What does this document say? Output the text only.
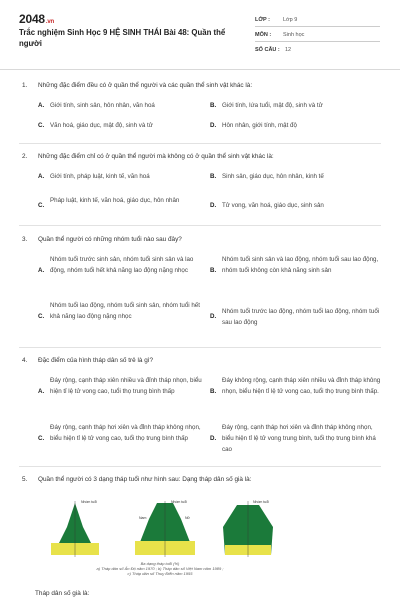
2048.vn
Trắc nghiệm Sinh Học 9 HỆ SINH THÁI Bài 48: Quần thể người
LỚP : Lớp 9
MÔN : Sinh học
SỐ CÂU : 12
1. Những đặc điểm đều có ở quần thể người và các quần thể sinh vật khác là:
A. Giới tính, sinh sản, hôn nhân, văn hoá	B. Giới tính, lứa tuổi, mật độ, sinh và tử
C. Văn hoá, giáo dục, mật độ, sinh và tử	D. Hôn nhân, giới tính, mật độ
2. Những đặc điểm chỉ có ở quần thể người mà không có ở quần thể sinh vật khác là:
A. Giới tính, pháp luật, kinh tế, văn hoá	B. Sinh sản, giáo dục, hôn nhân, kinh tế
C.
Pháp luật, kinh tế, văn hoá, giáo dục, hôn nhân
D. Tử vong, văn hoá, giáo dục, sinh sản
3. Quần thể người có những nhóm tuổi nào sau đây?
A.
Nhóm tuổi trước sinh sản, nhóm tuổi sinh sản và lao động, nhóm tuổi hết khả năng lao động nặng nhọc	B.
Nhóm tuổi sinh sản và lao động, nhóm tuổi sau lao động, nhóm tuổi không còn khả năng sinh sản
C.
Nhóm tuổi lao động, nhóm tuổi sinh sản, nhóm tuổi hết khả năng lao động nặng nhọc	D.
Nhóm tuổi trước lao động, nhóm tuổi lao động, nhóm tuổi sau lao động
4. Đặc điểm của hình tháp dân số trẻ là gì?
A.
Đáy rộng, cạnh tháp xiên nhiều và đỉnh tháp nhọn, biểu hiện tỉ lệ tử vong cao, tuổi thọ trung bình thấp	B.
Đáy không rộng, cạnh tháp xiên nhiều và đỉnh tháp không nhọn, biểu hiện tỉ lệ tử vong cao, tuổi thọ trung bình thấp.
C.
Đáy rộng, cạnh tháp hơi xiên và đỉnh tháp không nhọn, biểu hiện tỉ lệ tử vong cao, tuổi thọ trung bình thấp	D.
Đáy rộng, cạnh tháp hơi xiên và đỉnh tháp không nhọn, biểu hiện tỉ lệ tử vong trung bình, tuổi thọ trung bình khá cao
5. Quần thể người có 3 dạng tháp tuổi như hình sau: Dạng tháp dân số già là:
Nhóm tuổi	Nhóm tuổi	Nhóm tuổi
Nam	Nữ
Ba dạng tháp tuổi (%)
a) Tháp dân số Ấn Độ năm 1970 ; b) Tháp dân số Việt Nam năm 1989 ;
c) Tháp dân số Thuỵ Điển năm 1955
Tháp dân số già là:
